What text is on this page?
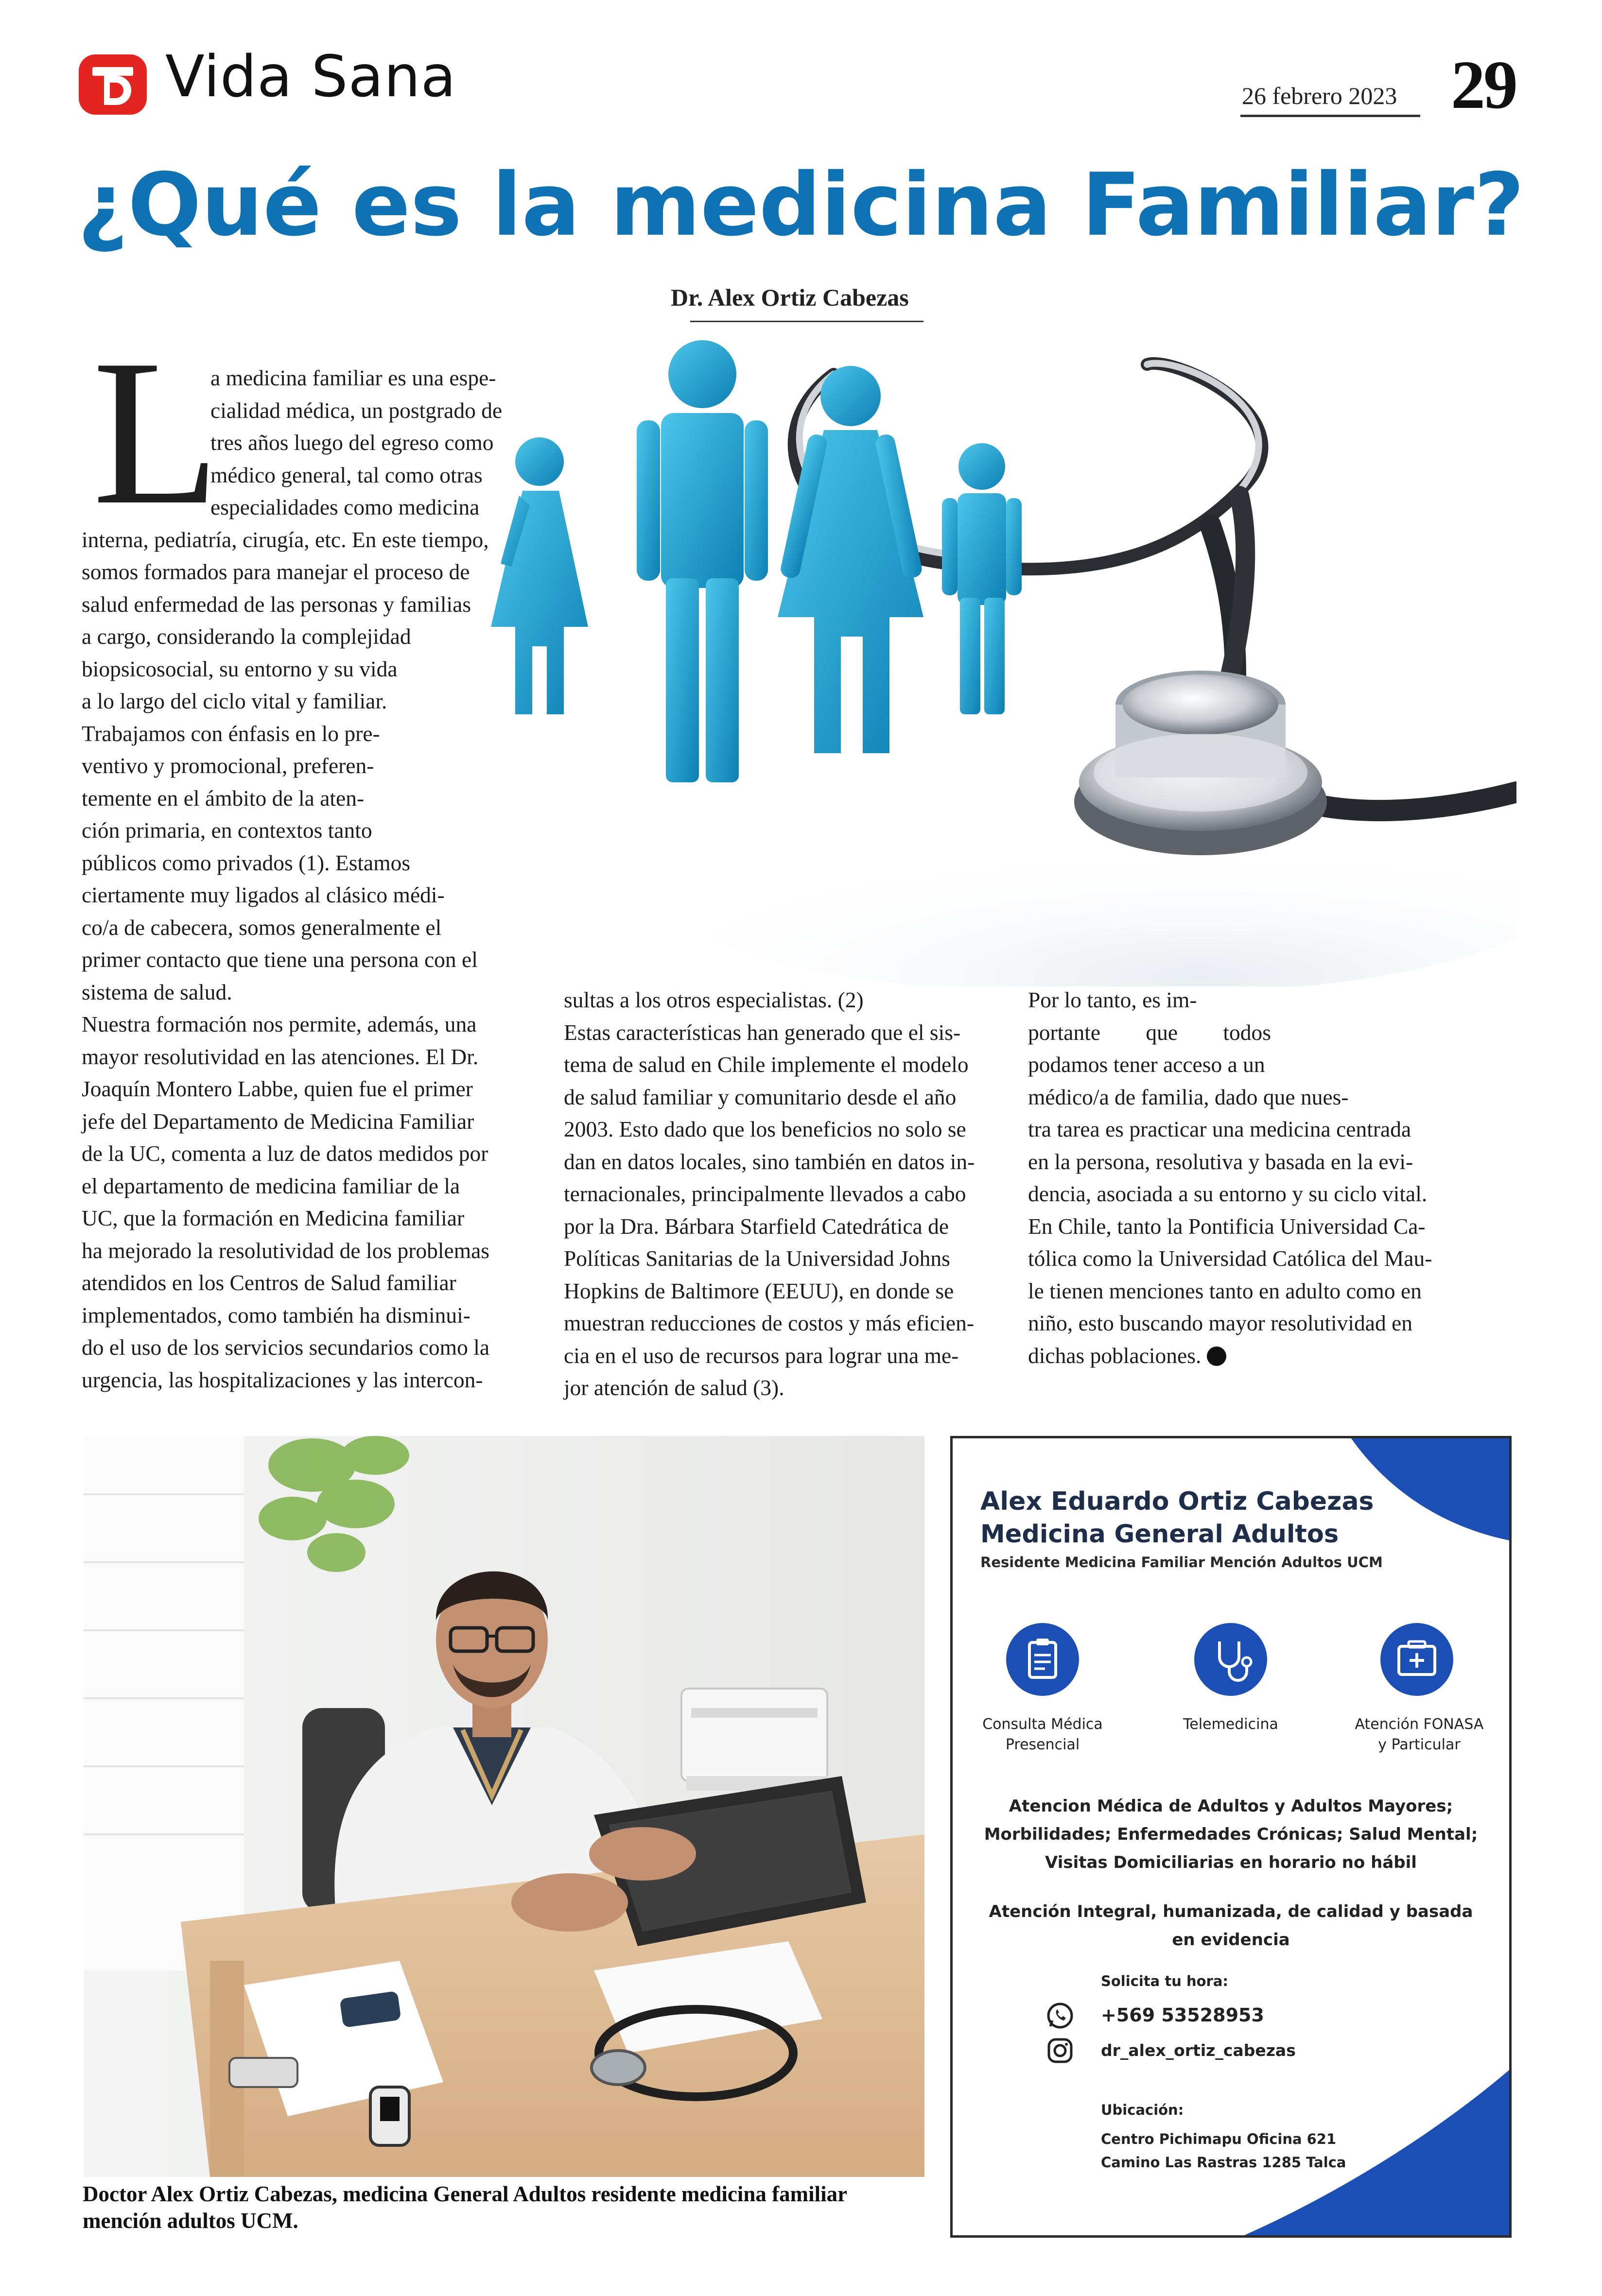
Vida Sana	26 febrero 2023 29
¿Qué es la medicina Familiar?
Dr. Alex Ortiz Cabezas
L

a medicina familiar es una espe-

cialidad médica, un postgrado de

tres años luego del egreso como

médico general, tal como otras

especialidades como medicina

interna, pediatría, cirugía, etc. En este tiempo,

somos formados para manejar el proceso de

salud enfermedad de las personas y familias

a cargo, considerando la complejidad

biopsicosocial, su entorno y su vida

a lo largo del ciclo vital y familiar.

Trabajamos con énfasis en lo pre-

ventivo y promocional, preferen-

temente en el ámbito de la aten-

ción primaria, en contextos tanto

públicos como privados (1). Estamos

ciertamente muy ligados al clásico médi-

co/a de cabecera, somos generalmente el

primer contacto que tiene una persona con el

sistema de salud.

Nuestra formación nos permite, además, una

mayor resolutividad en las atenciones. El Dr.

Joaquín Montero Labbe, quien fue el primer

jefe del Departamento de Medicina Familiar

de la UC, comenta a luz de datos medidos por

el departamento de medicina familiar de la

UC, que la formación en Medicina familiar

ha mejorado la resolutividad de los problemas

atendidos en los Centros de Salud familiar

implementados, como también ha disminui-

do el uso de los servicios secundarios como la

urgencia, las hospitalizaciones y las intercon-

sultas a los otros especialistas. (2)

Estas características han generado que el sis-

tema de salud en Chile implemente el modelo

de salud familiar y comunitario desde el año

2003. Esto dado que los beneficios no solo se

dan en datos locales, sino también en datos in-

ternacionales, principalmente llevados a cabo

por la Dra. Bárbara Starfield Catedrática de

Políticas Sanitarias de la Universidad Johns

Hopkins de Baltimore (EEUU), en donde se

muestran reducciones de costos y más eficien-

cia en el uso de recursos para lograr una me-

jor atención de salud (3).

Por lo tanto, es im-

portante que todos

podamos tener acceso a un

médico/a de familia, dado que nues-

tra tarea es practicar una medicina centrada

en la persona, resolutiva y basada en la evi-

dencia, asociada a su entorno y su ciclo vital.

En Chile, tanto la Pontificia Universidad Ca-

tólica como la Universidad Católica del Mau-

le tienen menciones tanto en adulto como en

niño, esto buscando mayor resolutividad en

dichas poblaciones.

Doctor Alex Ortiz Cabezas, medicina General Adultos residente medicina familiar mención adultos UCM.
Alex Eduardo Ortiz Cabezas
Medicina General Adultos
Residente Medicina Familiar Mención Adultos UCM
Consulta Médica
Presencial
Telemedicina	Atención FONASA
y Particular
Atencion Médica de Adultos y Adultos Mayores;
Morbilidades; Enfermedades Crónicas; Salud Mental;
Visitas Domiciliarias en horario no hábil
Atención Integral, humanizada, de calidad y basada
en evidencia
Solicita tu hora:
+569 53528953
dr_alex_ortiz_cabezas
Ubicación:
Centro Pichimapu Oficina 621
Camino Las Rastras 1285 Talca
